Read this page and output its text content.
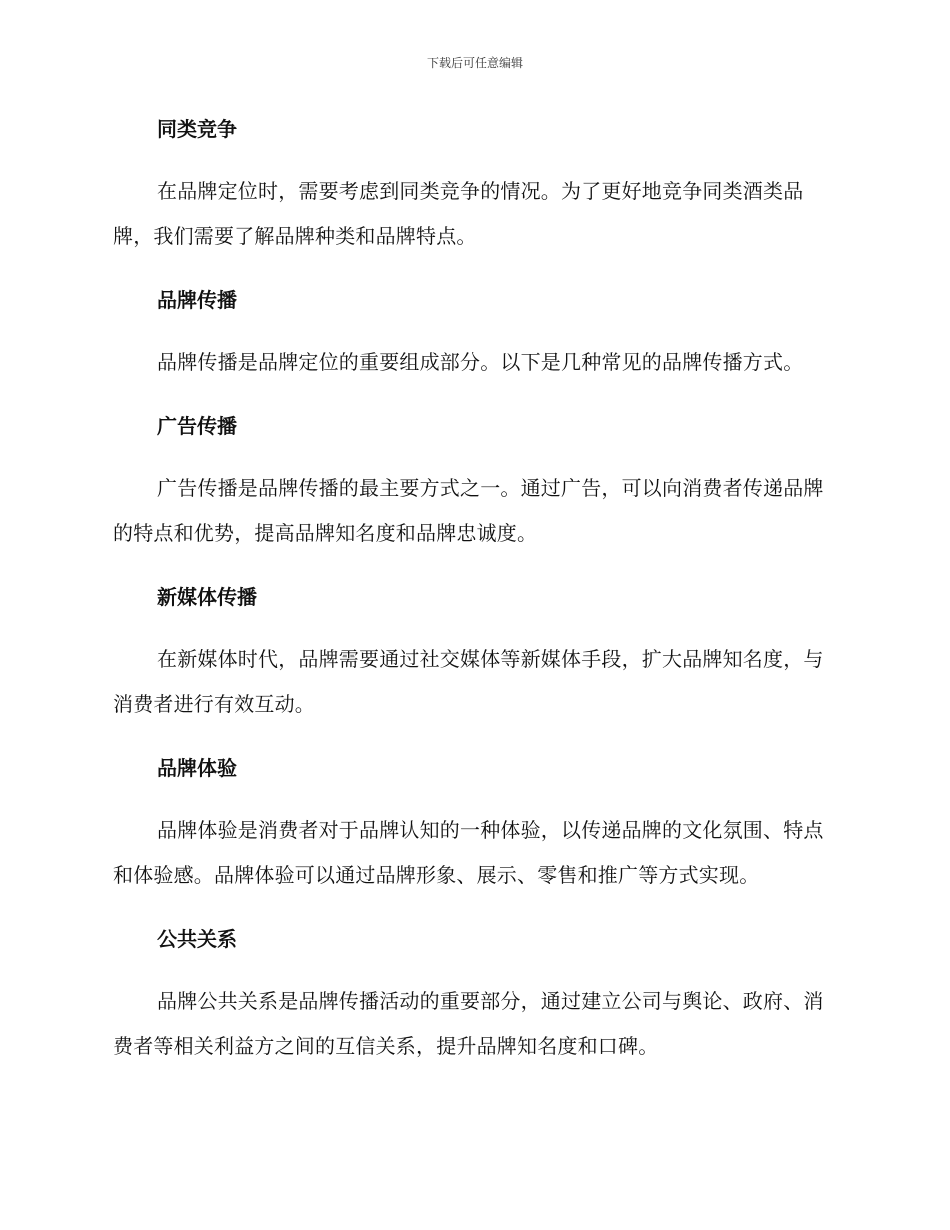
下载后可任意编辑
同类竞争

在品牌定位时，需要考虑到同类竞争的情况。为了更好地竞争同类酒类品牌，我们需要了解品牌种类和品牌特点。

品牌传播

品牌传播是品牌定位的重要组成部分。以下是几种常见的品牌传播方式。

广告传播

广告传播是品牌传播的最主要方式之一。通过广告，可以向消费者传递品牌的特点和优势，提高品牌知名度和品牌忠诚度。

新媒体传播

在新媒体时代，品牌需要通过社交媒体等新媒体手段，扩大品牌知名度，与消费者进行有效互动。

品牌体验

品牌体验是消费者对于品牌认知的一种体验，以传递品牌的文化氛围、特点和体验感。品牌体验可以通过品牌形象、展示、零售和推广等方式实现。

公共关系

品牌公共关系是品牌传播活动的重要部分，通过建立公司与舆论、政府、消费者等相关利益方之间的互信关系，提升品牌知名度和口碑。
